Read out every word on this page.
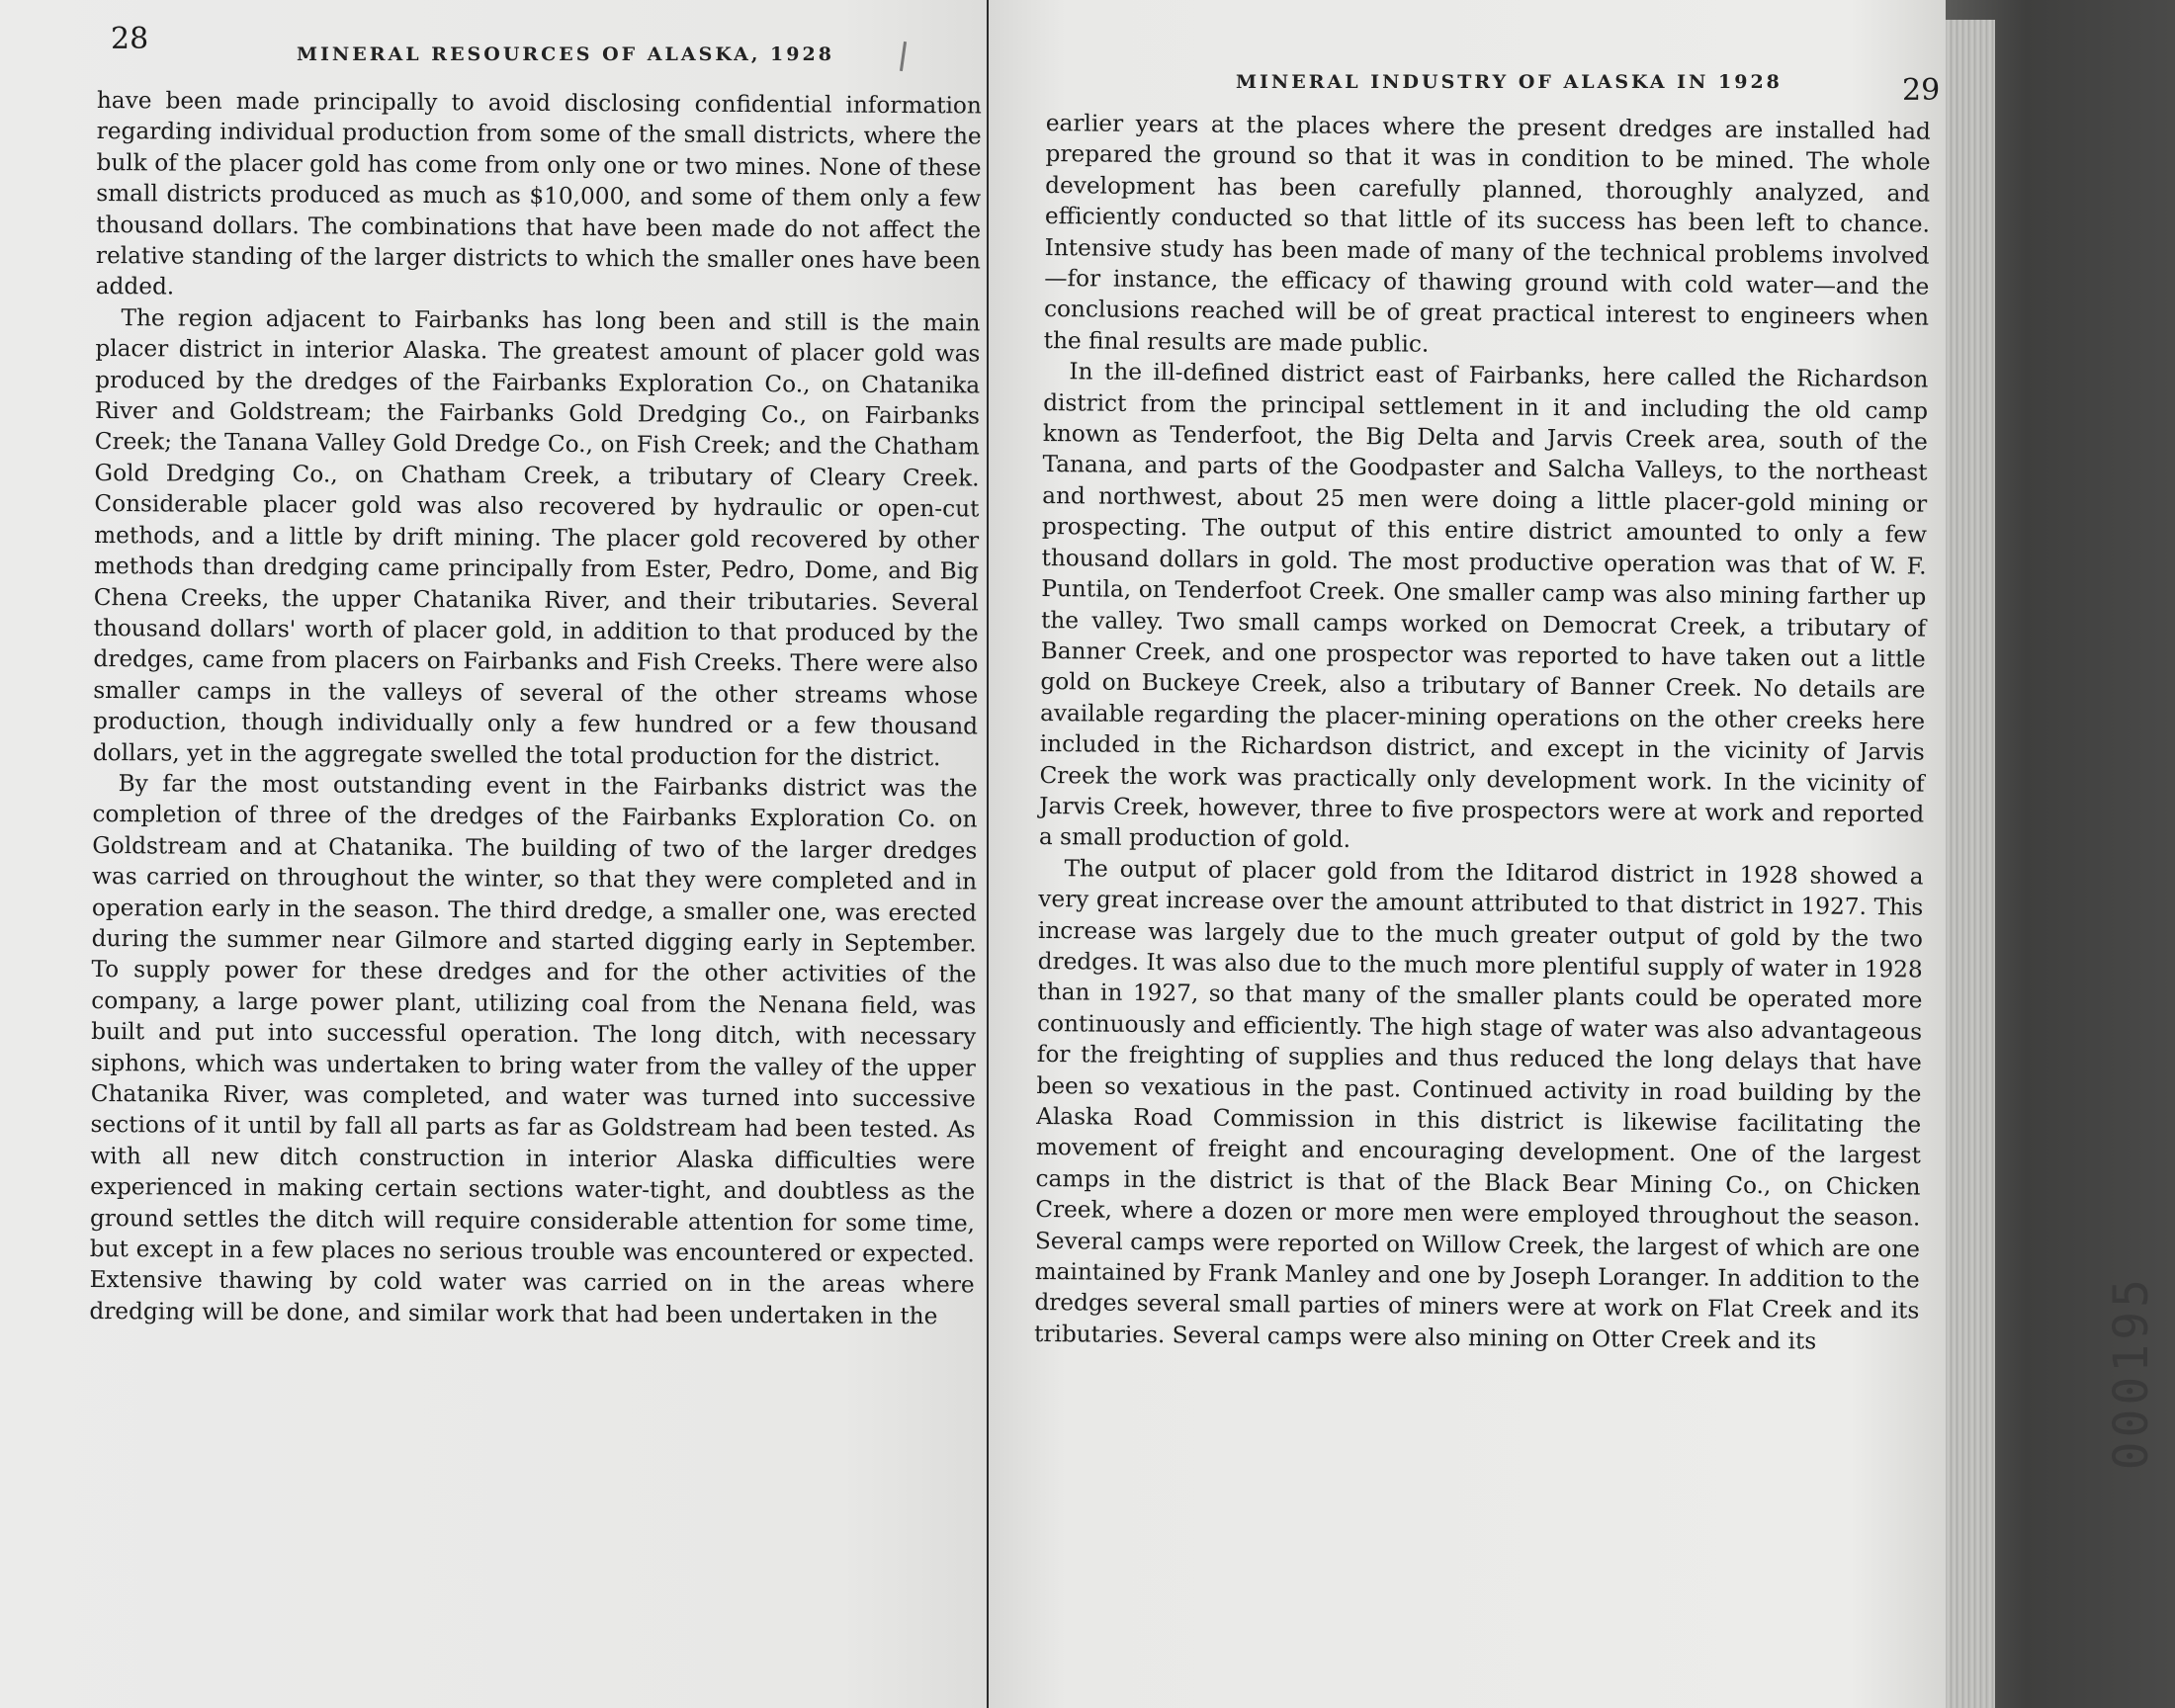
28	MINERAL RESOURCES OF ALASKA, 1928

have been made principally to avoid disclosing confidential information regarding individual production from some of the small districts, where the bulk of the placer gold has come from only one or two mines. None of these small districts produced as much as $10,000, and some of them only a few thousand dollars. The combinations that have been made do not affect the relative standing of the larger districts to which the smaller ones have been added.

The region adjacent to Fairbanks has long been and still is the main placer district in interior Alaska. The greatest amount of placer gold was produced by the dredges of the Fairbanks Exploration Co., on Chatanika River and Goldstream; the Fairbanks Gold Dredging Co., on Fairbanks Creek; the Tanana Valley Gold Dredge Co., on Fish Creek; and the Chatham Gold Dredging Co., on Chatham Creek, a tributary of Cleary Creek. Considerable placer gold was also recovered by hydraulic or open-cut methods, and a little by drift mining. The placer gold recovered by other methods than dredging came principally from Ester, Pedro, Dome, and Big Chena Creeks, the upper Chatanika River, and their tributaries. Several thousand dollars' worth of placer gold, in addition to that produced by the dredges, came from placers on Fairbanks and Fish Creeks. There were also smaller camps in the valleys of several of the other streams whose production, though individually only a few hundred or a few thousand dollars, yet in the aggregate swelled the total production for the district.

By far the most outstanding event in the Fairbanks district was the completion of three of the dredges of the Fairbanks Exploration Co. on Goldstream and at Chatanika. The building of two of the larger dredges was carried on throughout the winter, so that they were completed and in operation early in the season. The third dredge, a smaller one, was erected during the summer near Gilmore and started digging early in September. To supply power for these dredges and for the other activities of the company, a large power plant, utilizing coal from the Nenana field, was built and put into successful operation. The long ditch, with necessary siphons, which was undertaken to bring water from the valley of the upper Chatanika River, was completed, and water was turned into successive sections of it until by fall all parts as far as Goldstream had been tested. As with all new ditch construction in interior Alaska difficulties were experienced in making certain sections water-tight, and doubtless as the ground settles the ditch will require considerable attention for some time, but except in a few places no serious trouble was encountered or expected. Extensive thawing by cold water was carried on in the areas where dredging will be done, and similar work that had been undertaken in the

MINERAL INDUSTRY OF ALASKA IN 1928	29

earlier years at the places where the present dredges are installed had prepared the ground so that it was in condition to be mined. The whole development has been carefully planned, thoroughly analyzed, and efficiently conducted so that little of its success has been left to chance. Intensive study has been made of many of the technical problems involved—for instance, the efficacy of thawing ground with cold water—and the conclusions reached will be of great practical interest to engineers when the final results are made public.

In the ill-defined district east of Fairbanks, here called the Richardson district from the principal settlement in it and including the old camp known as Tenderfoot, the Big Delta and Jarvis Creek area, south of the Tanana, and parts of the Goodpaster and Salcha Valleys, to the northeast and northwest, about 25 men were doing a little placer-gold mining or prospecting. The output of this entire district amounted to only a few thousand dollars in gold. The most productive operation was that of W. F. Puntila, on Tenderfoot Creek. One smaller camp was also mining farther up the valley. Two small camps worked on Democrat Creek, a tributary of Banner Creek, and one prospector was reported to have taken out a little gold on Buckeye Creek, also a tributary of Banner Creek. No details are available regarding the placer-mining operations on the other creeks here included in the Richardson district, and except in the vicinity of Jarvis Creek the work was practically only development work. In the vicinity of Jarvis Creek, however, three to five prospectors were at work and reported a small production of gold.

The output of placer gold from the Iditarod district in 1928 showed a very great increase over the amount attributed to that district in 1927. This increase was largely due to the much greater output of gold by the two dredges. It was also due to the much more plentiful supply of water in 1928 than in 1927, so that many of the smaller plants could be operated more continuously and efficiently. The high stage of water was also advantageous for the freighting of supplies and thus reduced the long delays that have been so vexatious in the past. Continued activity in road building by the Alaska Road Commission in this district is likewise facilitating the movement of freight and encouraging development. One of the largest camps in the district is that of the Black Bear Mining Co., on Chicken Creek, where a dozen or more men were employed throughout the season. Several camps were reported on Willow Creek, the largest of which are one maintained by Frank Manley and one by Joseph Loranger. In addition to the dredges several small parties of miners were at work on Flat Creek and its tributaries. Several camps were also mining on Otter Creek and its	000195
